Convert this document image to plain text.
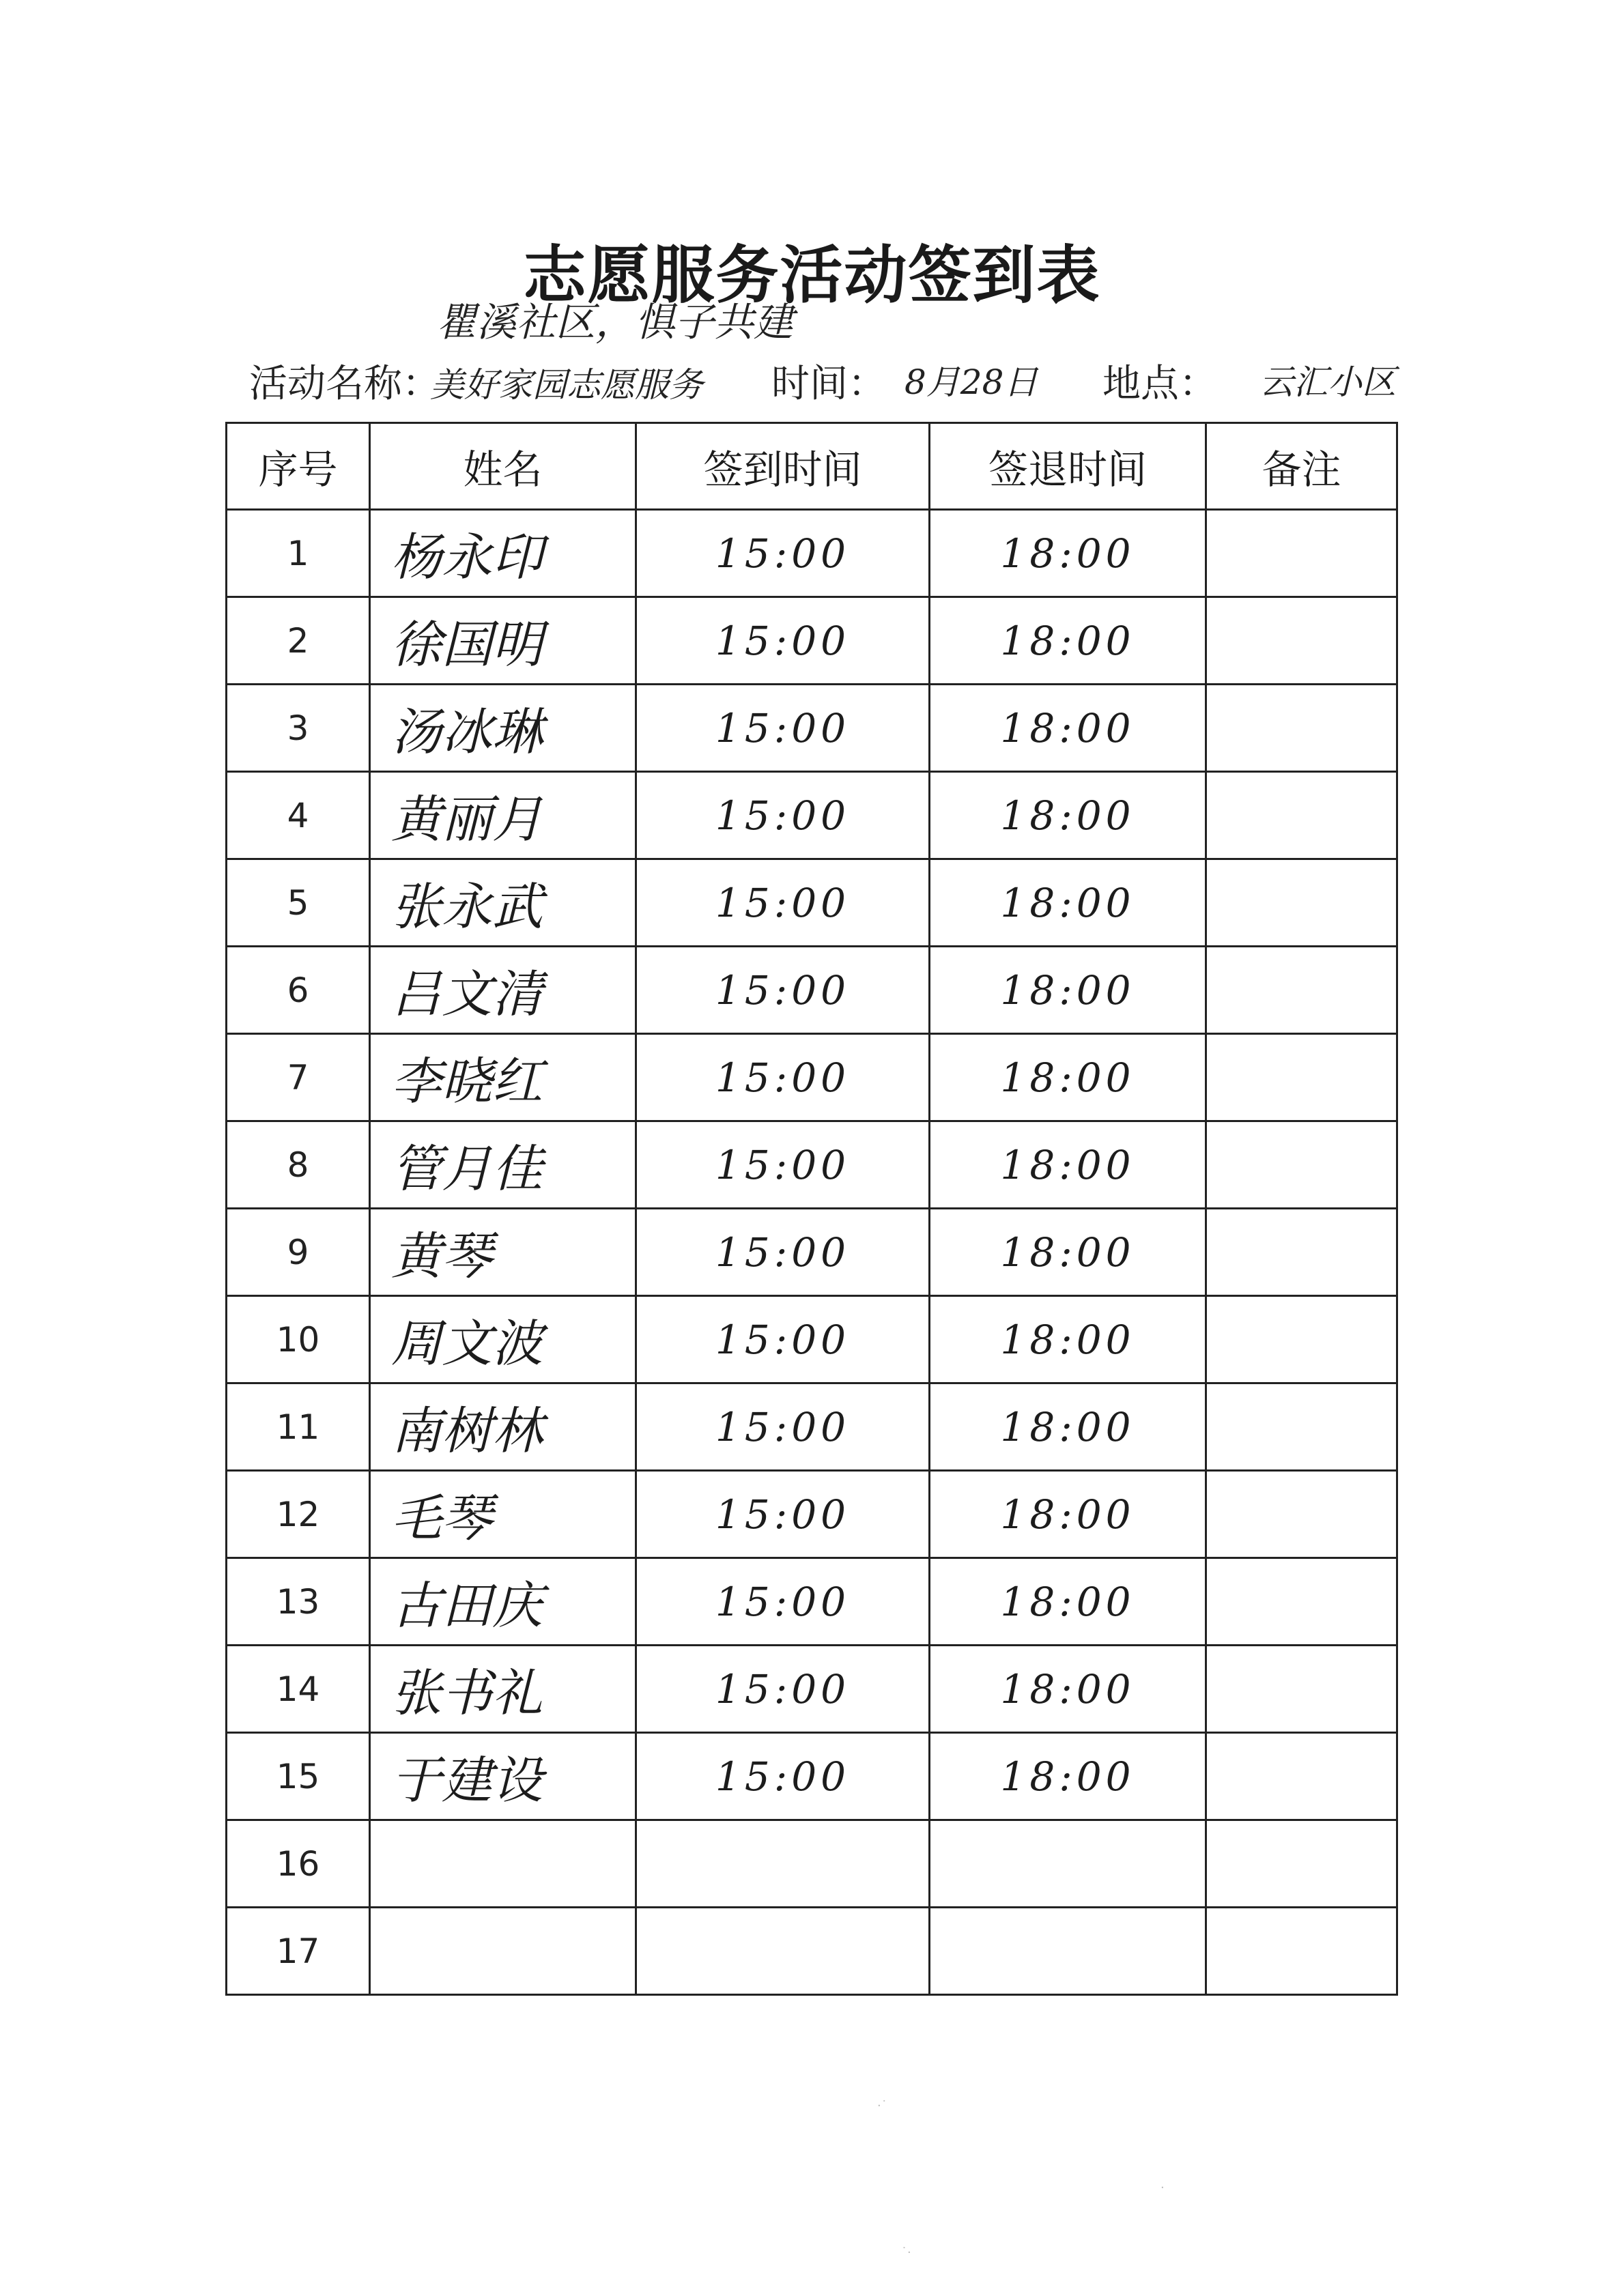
志愿服务活动签到表
瞿溪社区，惧子共建
活动名称：
美好家园志愿服务 时间： 8月28日 地点： 云汇小区
序号	姓名	签到时间	签退时间	备注
1	杨永印	15:00	18:00	
2	徐国明	15:00	18:00	
3	汤冰琳	15:00	18:00	
4	黄丽月	15:00	18:00	
5	张永武	15:00	18:00	
6	吕文清	15:00	18:00	
7	李晓红	15:00	18:00	
8	管月佳	15:00	18:00	
9	黄琴	15:00	18:00	
10	周文波	15:00	18:00	
11	南树林	15:00	18:00	
12	毛琴	15:00	18:00	
13	古田庆	15:00	18:00	
14	张书礼	15:00	18:00	
15	于建设	15:00	18:00	
16				
17				
·˙
·
˙·
